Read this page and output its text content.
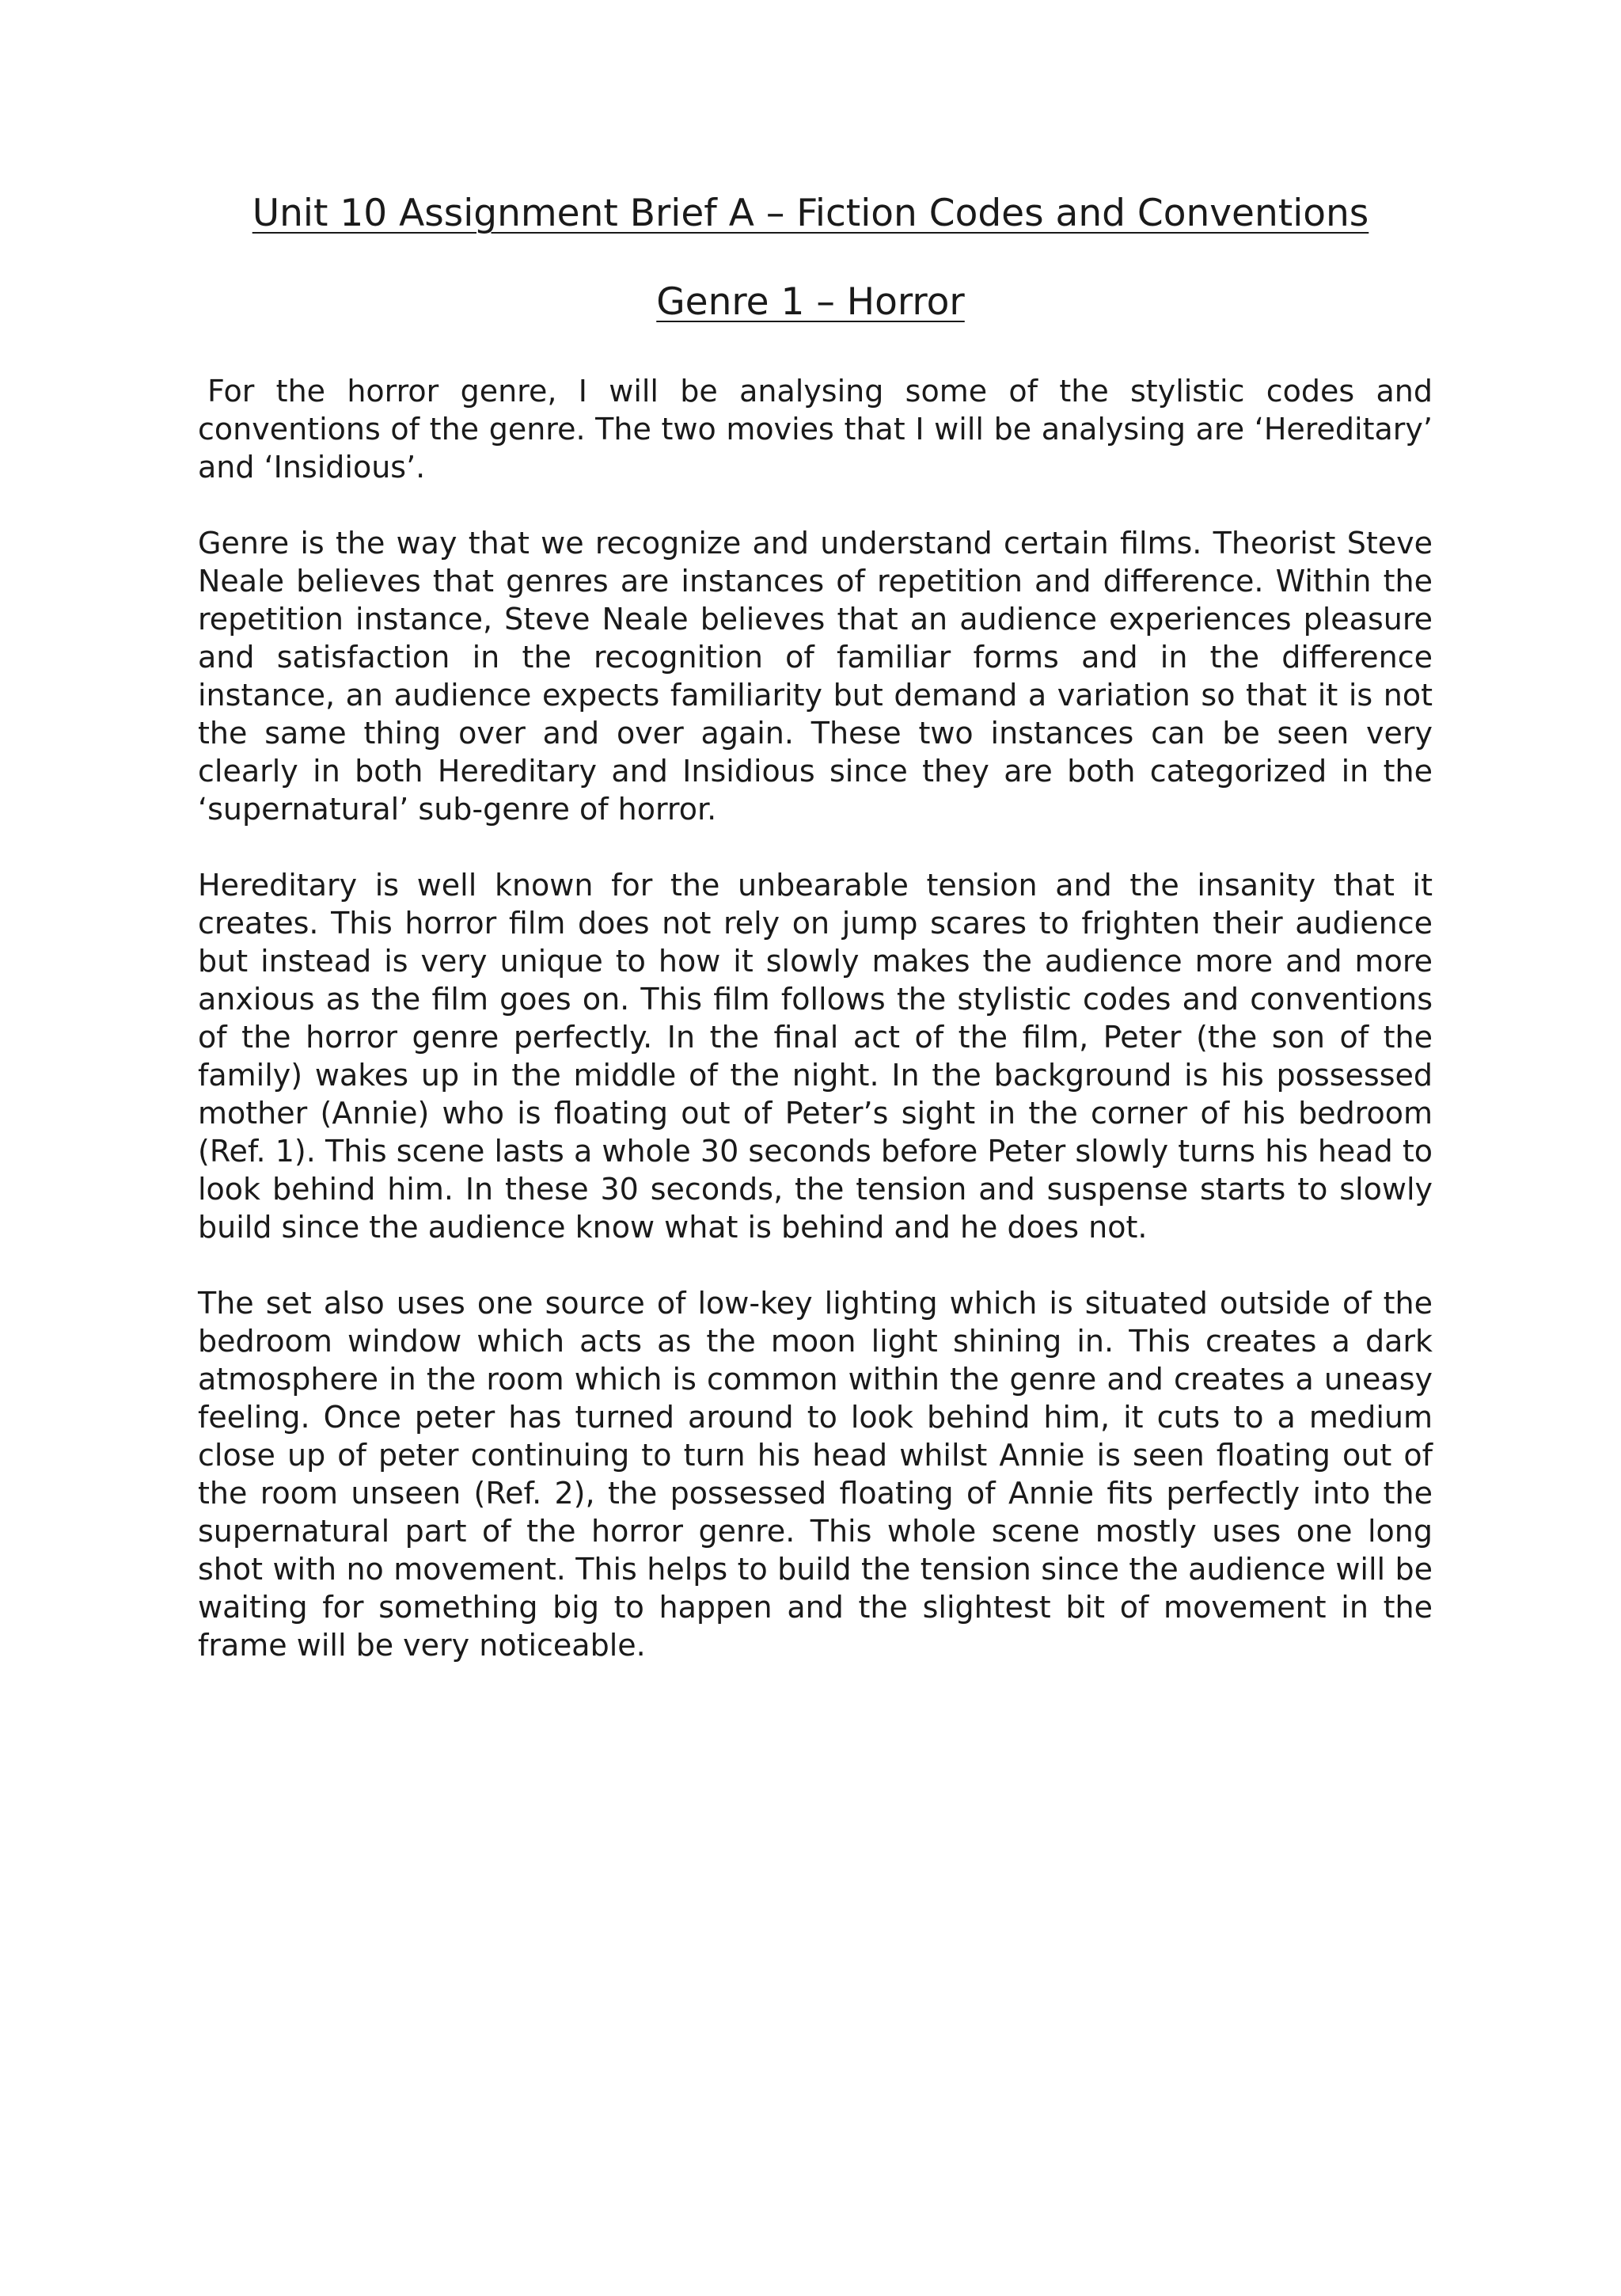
Unit 10 Assignment Brief A – Fiction Codes and Conventions
Genre 1 – Horror

For the horror genre, I will be analysing some of the stylistic codes and conventions of the genre. The two movies that I will be analysing are ‘Hereditary’ and ‘Insidious’.

Genre is the way that we recognize and understand certain films. Theorist Steve Neale believes that genres are instances of repetition and difference. Within the repetition instance, Steve Neale believes that an audience experiences pleasure and satisfaction in the recognition of familiar forms and in the difference instance, an audience expects familiarity but demand a variation so that it is not the same thing over and over again. These two instances can be seen very clearly in both Hereditary and Insidious since they are both categorized in the ‘supernatural’ sub-genre of horror.

Hereditary is well known for the unbearable tension and the insanity that it creates. This horror film does not rely on jump scares to frighten their audience but instead is very unique to how it slowly makes the audience more and more anxious as the film goes on. This film follows the stylistic codes and conventions of the horror genre perfectly. In the final act of the film, Peter (the son of the family) wakes up in the middle of the night. In the background is his possessed mother (Annie) who is floating out of Peter’s sight in the corner of his bedroom (Ref. 1). This scene lasts a whole 30 seconds before Peter slowly turns his head to look behind him. In these 30 seconds, the tension and suspense starts to slowly build since the audience know what is behind and he does not.

The set also uses one source of low-key lighting which is situated outside of the bedroom window which acts as the moon light shining in. This creates a dark atmosphere in the room which is common within the genre and creates a uneasy feeling. Once peter has turned around to look behind him, it cuts to a medium close up of peter continuing to turn his head whilst Annie is seen floating out of the room unseen (Ref. 2), the possessed floating of Annie fits perfectly into the supernatural part of the horror genre. This whole scene mostly uses one long shot with no movement. This helps to build the tension since the audience will be waiting for something big to happen and the slightest bit of movement in the frame will be very noticeable.
